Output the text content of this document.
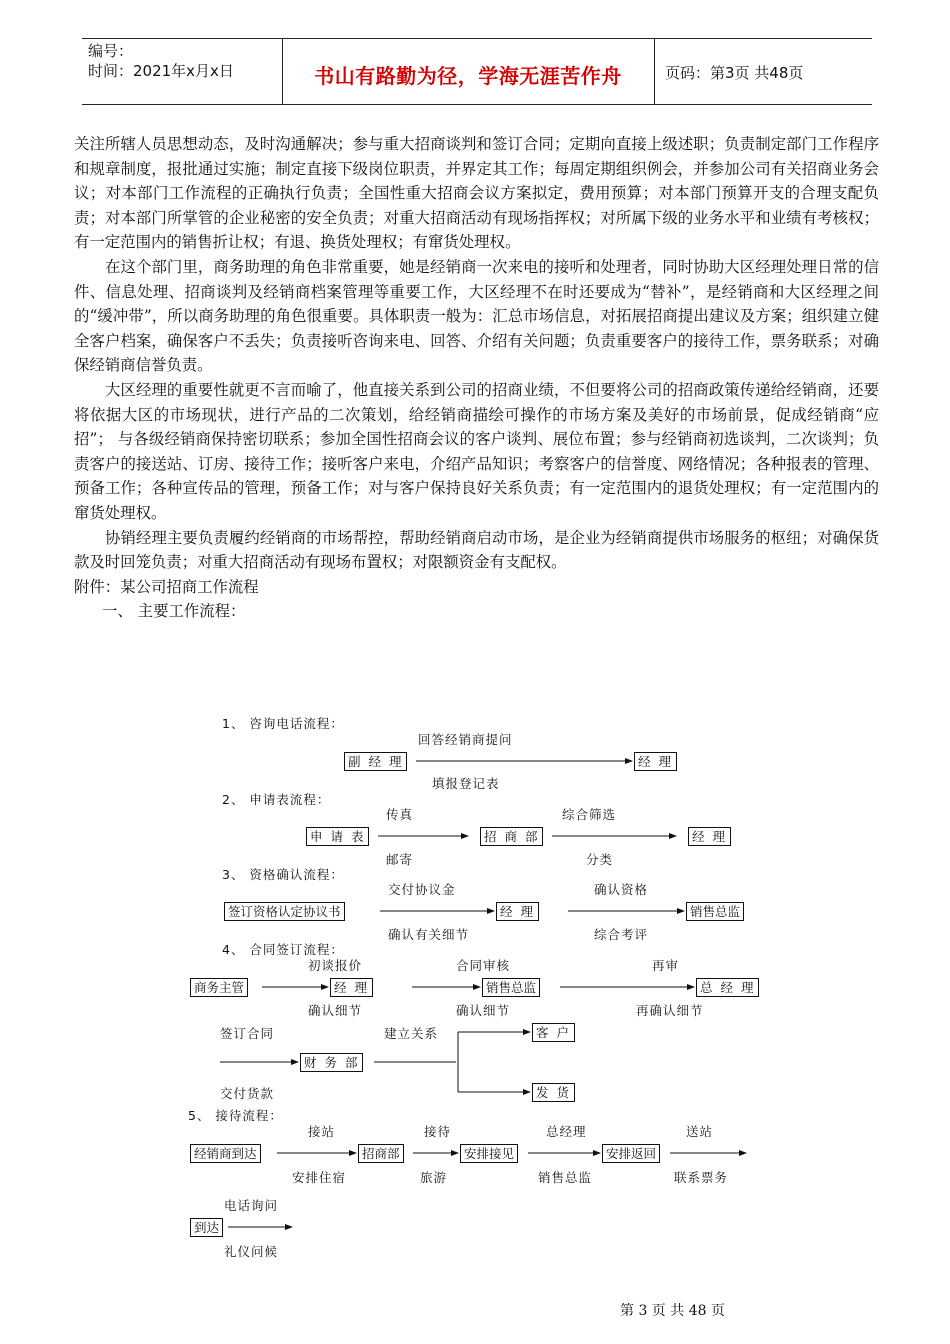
编号：
时间：2021年x月x日	书山有路勤为径，学海无涯苦作舟	页码：第3页 共48页

关注所辖人员思想动态，及时沟通解决；参与重大招商谈判和签订合同；定期向直接上级述职；负责制定部门工作程序和规章制度，报批通过实施；制定直接下级岗位职责，并界定其工作；每周定期组织例会，并参加公司有关招商业务会议；对本部门工作流程的正确执行负责；全国性重大招商会议方案拟定，费用预算；对本部门预算开支的合理支配负责；对本部门所掌管的企业秘密的安全负责；对重大招商活动有现场指挥权；对所属下级的业务水平和业绩有考核权；有一定范围内的销售折让权；有退、换货处理权；有窜货处理权。

在这个部门里，商务助理的角色非常重要，她是经销商一次来电的接听和处理者，同时协助大区经理处理日常的信件、信息处理、招商谈判及经销商档案管理等重要工作，大区经理不在时还要成为“替补”，是经销商和大区经理之间的“缓冲带”，所以商务助理的角色很重要。具体职责一般为：汇总市场信息，对拓展招商提出建议及方案；组织建立健全客户档案，确保客户不丢失；负责接听咨询来电、回答、介绍有关问题；负责重要客户的接待工作，票务联系；对确保经销商信誉负责。

大区经理的重要性就更不言而喻了，他直接关系到公司的招商业绩，不但要将公司的招商政策传递给经销商，还要将依据大区的市场现状，进行产品的二次策划，给经销商描绘可操作的市场方案及美好的市场前景，促成经销商“应招”； 与各级经销商保持密切联系；参加全国性招商会议的客户谈判、展位布置；参与经销商初选谈判，二次谈判；负责客户的接送站、订房、接待工作；接听客户来电，介绍产品知识；考察客户的信誉度、网络情况；各种报表的管理、预备工作；各种宣传品的管理，预备工作；对与客户保持良好关系负责；有一定范围内的退货处理权；有一定范围内的窜货处理权。

协销经理主要负责履约经销商的市场帮控，帮助经销商启动市场，是企业为经销商提供市场服务的枢纽；对确保货款及时回笼负责；对重大招商活动有现场布置权；对限额资金有支配权。

附件：某公司招商工作流程

一、 主要工作流程：

1、 咨询电话流程：
回答经销商提问
副 经 理	经 理
填报登记表
2、 申请表流程：
传真	综合筛选
申 请 表	招 商 部	经 理
邮寄	分类
3、 资格确认流程：
交付协议金	确认资格
签订资格认定协议书	经 理	销售总监
确认有关细节	综合考评
4、 合同签订流程：
初谈报价	合同审核	再审
商务主管	经 理	销售总监	总 经 理
确认细节	确认细节	再确认细节
签订合同	建立关系
财 务 部
客 户
发 货
交付货款
5、 接待流程：
接站	接待	总经理	送站
经销商到达	招商部	安排接见	安排返回
安排住宿	旅游	销售总监	联系票务
电话询问
到达
礼仪问候
第 3 页 共 48 页
